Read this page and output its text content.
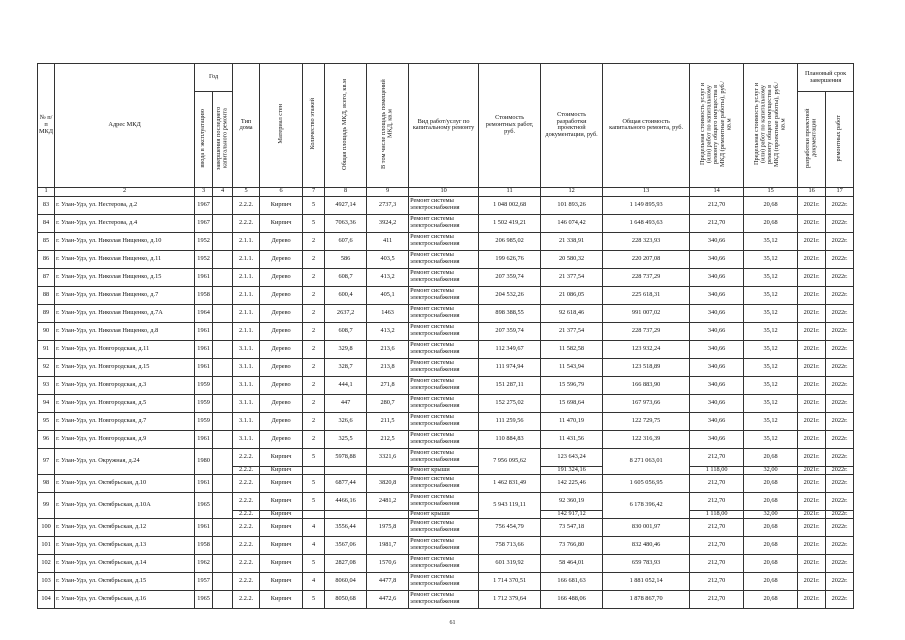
№ п/п МКД	Адрес МКД	Год		Тип дома	Материал стен	Количество этажей	Общая площадь МКД, всего, кв.м	В том числе площадь помещений МКД, кв.м	Вид работ/услуг по капитальному ремонту	Стоимость ремонтных работ, руб.	Стоимость разработки проектной документации, руб.	Общая стоимость капитального ремонта, руб.	Предельная стоимость услуг и (или) работ по капитальному ремонту общего имущества в МКД (ремонтные работы), руб./кв.м	Предельная стоимость услуг и (или) работ по капитальному ремонту общего имущества в МКД (проектные работы), руб./кв.м	Плановый срок завершения	
		ввода в эксплуатацию	завершения последнего капитального ремонта												разработки проектной документации	ремонтных работ
1	2	3	4	5	6	7	8	9	10	11	12	13	14	15	16	17
83	г. Улан-Удэ, ул. Нестерова, д.2	1967		2.2.2.	Кирпич	5	4927,14	2737,3	Ремонт системы электроснабжения	1 048 002,68	101 893,26	1 149 895,93	212,70	20,68	2021г.	2022г.
84	г. Улан-Удэ, ул. Нестерова, д.4	1967		2.2.2.	Кирпич	5	7063,36	3924,2	Ремонт системы электроснабжения	1 502 419,21	146 074,42	1 648 493,63	212,70	20,68	2021г.	2022г.
85	г. Улан-Удэ, ул. Николая Нищенко, д.10	1952		2.1.1.	Дерево	2	607,6	411	Ремонт системы электроснабжения	206 985,02	21 338,91	228 323,93	340,66	35,12	2021г.	2022г.
86	г. Улан-Удэ, ул. Николая Нищенко, д.11	1952		2.1.1.	Дерево	2	586	403,5	Ремонт системы электроснабжения	199 626,76	20 580,32	220 207,08	340,66	35,12	2021г.	2022г.
87	г. Улан-Удэ, ул. Николая Нищенко, д.15	1961		2.1.1.	Дерево	2	608,7	413,2	Ремонт системы электроснабжения	207 359,74	21 377,54	228 737,29	340,66	35,12	2021г.	2022г.
88	г. Улан-Удэ, ул. Николая Нищенко, д.7	1958		2.1.1.	Дерево	2	600,4	405,1	Ремонт системы электроснабжения	204 532,26	21 086,05	225 618,31	340,66	35,12	2021г.	2022г.
89	г. Улан-Удэ, ул. Николая Нищенко, д.7А	1964		2.1.1.	Дерево	2	2637,2	1463	Ремонт системы электроснабжения	898 388,55	92 618,46	991 007,02	340,66	35,12	2021г.	2022г.
90	г. Улан-Удэ, ул. Николая Нищенко, д.8	1961		2.1.1.	Дерево	2	608,7	413,2	Ремонт системы электроснабжения	207 359,74	21 377,54	228 737,29	340,66	35,12	2021г.	2022г.
91	г. Улан-Удэ, ул. Новгородская, д.11	1961		3.1.1.	Дерево	2	329,8	213,6	Ремонт системы электроснабжения	112 349,67	11 582,58	123 932,24	340,66	35,12	2021г.	2022г.
92	г. Улан-Удэ, ул. Новгородская, д.15	1961		3.1.1.	Дерево	2	328,7	213,8	Ремонт системы электроснабжения	111 974,94	11 543,94	123 518,89	340,66	35,12	2021г.	2022г.
93	г. Улан-Удэ, ул. Новгородская, д.3	1959		3.1.1.	Дерево	2	444,1	271,8	Ремонт системы электроснабжения	151 287,11	15 596,79	166 883,90	340,66	35,12	2021г.	2022г.
94	г. Улан-Удэ, ул. Новгородская, д.5	1959		3.1.1.	Дерево	2	447	280,7	Ремонт системы электроснабжения	152 275,02	15 698,64	167 973,66	340,66	35,12	2021г.	2022г.
95	г. Улан-Удэ, ул. Новгородская, д.7	1959		3.1.1.	Дерево	2	326,6	211,5	Ремонт системы электроснабжения	111 259,56	11 470,19	122 729,75	340,66	35,12	2021г.	2022г.
96	г. Улан-Удэ, ул. Новгородская, д.9	1961		3.1.1.	Дерево	2	325,5	212,5	Ремонт системы электроснабжения	110 884,83	11 431,56	122 316,39	340,66	35,12	2021г.	2022г.
97	г. Улан-Удэ, ул. Окружная, д.24	1980		2.2.2.	Кирпич	5	5978,88	3321,6	Ремонт системы электроснабжения	7 956 095,62	123 643,24	8 271 063,01	212,70	20,68	2021г.	2022г.
				2.2.2.	Кирпич				Ремонт крыши		191 324,16		1 118,00	32,00	2021г.	2022г.
98	г. Улан-Удэ, ул. Октябрьская, д.10	1961		2.2.2.	Кирпич	5	6877,44	3820,8	Ремонт системы электроснабжения	1 462 831,49	142 225,46	1 605 056,95	212,70	20,68	2021г.	2022г.
99	г. Улан-Удэ, ул. Октябрьская, д.10А	1965		2.2.2.	Кирпич	5	4466,16	2481,2	Ремонт системы электроснабжения	5 943 119,11	92 360,19	6 178 396,42	212,70	20,68	2021г.	2022г.
				2.2.2.	Кирпич				Ремонт крыши		142 917,12		1 118,00	32,00	2021г.	2022г.
100	г. Улан-Удэ, ул. Октябрьская, д.12	1961		2.2.2.	Кирпич	4	3556,44	1975,8	Ремонт системы электроснабжения	756 454,79	73 547,18	830 001,97	212,70	20,68	2021г.	2022г.
101	г. Улан-Удэ, ул. Октябрьская, д.13	1958		2.2.2.	Кирпич	4	3567,06	1981,7	Ремонт системы электроснабжения	758 713,66	73 766,80	832 480,46	212,70	20,68	2021г.	2022г.
102	г. Улан-Удэ, ул. Октябрьская, д.14	1962		2.2.2.	Кирпич	5	2827,08	1570,6	Ремонт системы электроснабжения	601 319,92	58 464,01	659 783,93	212,70	20,68	2021г.	2022г.
103	г. Улан-Удэ, ул. Октябрьская, д.15	1957		2.2.2.	Кирпич	4	8060,04	4477,8	Ремонт системы электроснабжения	1 714 370,51	166 681,63	1 881 052,14	212,70	20,68	2021г.	2022г.
104	г. Улан-Удэ, ул. Октябрьская, д.16	1965		2.2.2.	Кирпич	5	8050,68	4472,6	Ремонт системы электроснабжения	1 712 379,64	166 488,06	1 878 867,70	212,70	20,68	2021г.	2022г.
61
